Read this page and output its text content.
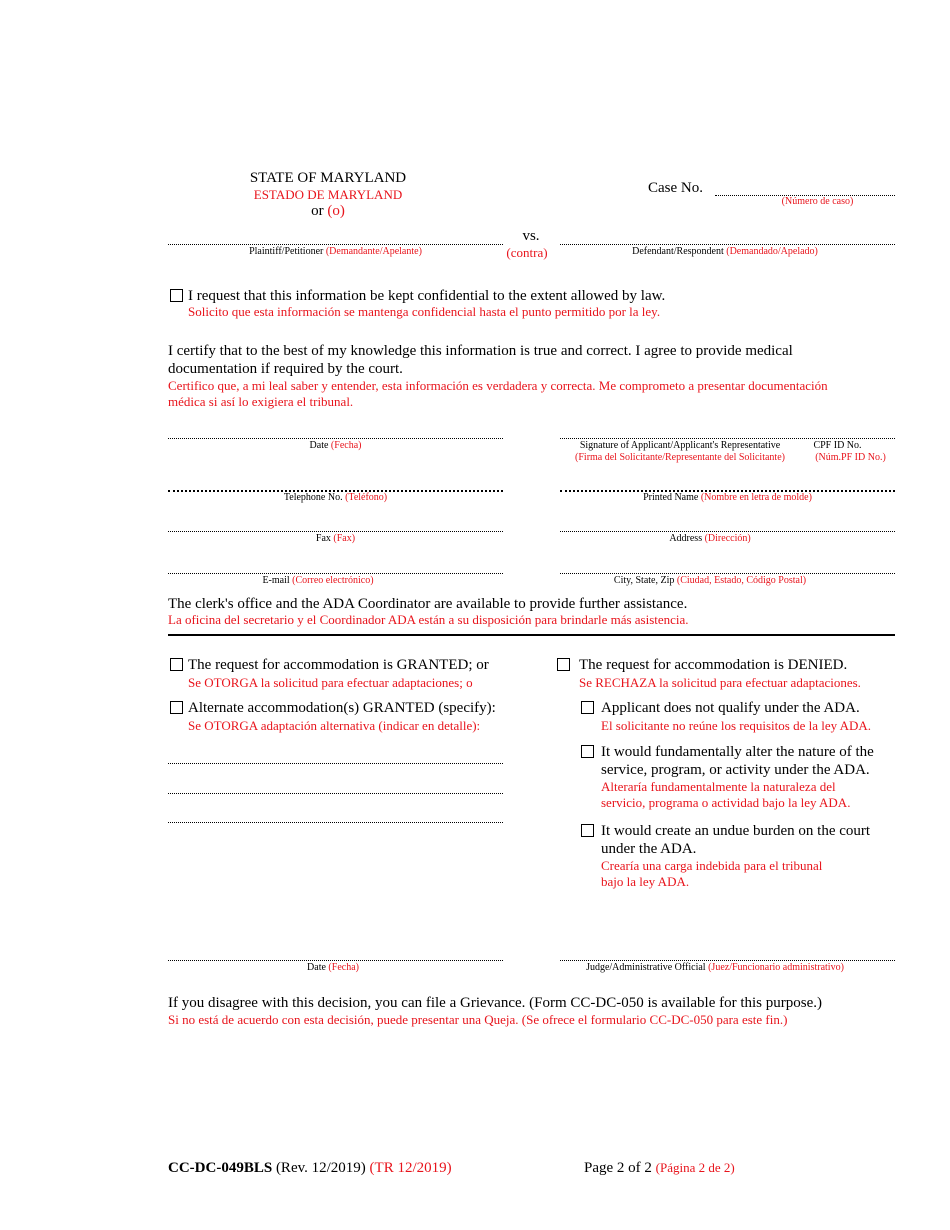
STATE OF MARYLAND
ESTADO DE MARYLAND
or (o)
Case No.
(Número de caso)
Plaintiff/Petitioner (Demandante/Apelante)
vs.
(contra)	Defendant/Respondent (Demandado/Apelado)
I request that this information be kept confidential to the extent allowed by law.
Solicito que esta información se mantenga confidencial hasta el punto permitido por la ley.
I certify that to the best of my knowledge this information is true and correct. I agree to provide medical
documentation if required by the court.
Certifico que, a mi leal saber y entender, esta información es verdadera y correcta. Me comprometo a presentar documentación
médica si así lo exigiera el tribunal.
Date (Fecha)	Signature of Applicant/Applicant's Representative
(Firma del Solicitante/Representante del Solicitante)
CPF ID No.
(Núm.PF ID No.)
Telephone No. (Teléfono)	Printed Name (Nombre en letra de molde)
Fax (Fax)	Address (Dirección)
E-mail (Correo electrónico)	City, State, Zip (Ciudad, Estado, Código Postal)
The clerk's office and the ADA Coordinator are available to provide further assistance.
La oficina del secretario y el Coordinador ADA están a su disposición para brindarle más asistencia.
The request for accommodation is GRANTED; or
Se OTORGA la solicitud para efectuar adaptaciones; o
Alternate accommodation(s) GRANTED (specify):
Se OTORGA adaptación alternativa (indicar en detalle):
The request for accommodation is DENIED.
Se RECHAZA la solicitud para efectuar adaptaciones.
Applicant does not qualify under the ADA.
El solicitante no reúne los requisitos de la ley ADA.
It would fundamentally alter the nature of the
service, program, or activity under the ADA.
Alteraría fundamentalmente la naturaleza del
servicio, programa o actividad bajo la ley ADA.
It would create an undue burden on the court
under the ADA.
Crearía una carga indebida para el tribunal
bajo la ley ADA.
Date (Fecha)	Judge/Administrative Official (Juez/Funcionario administrativo)
If you disagree with this decision, you can file a Grievance. (Form CC-DC-050 is available for this purpose.)
Si no está de acuerdo con esta decisión, puede presentar una Queja. (Se ofrece el formulario CC-DC-050 para este fin.)
CC-DC-049BLS (Rev. 12/2019) (TR 12/2019)	Page 2 of 2 (Página 2 de 2)
